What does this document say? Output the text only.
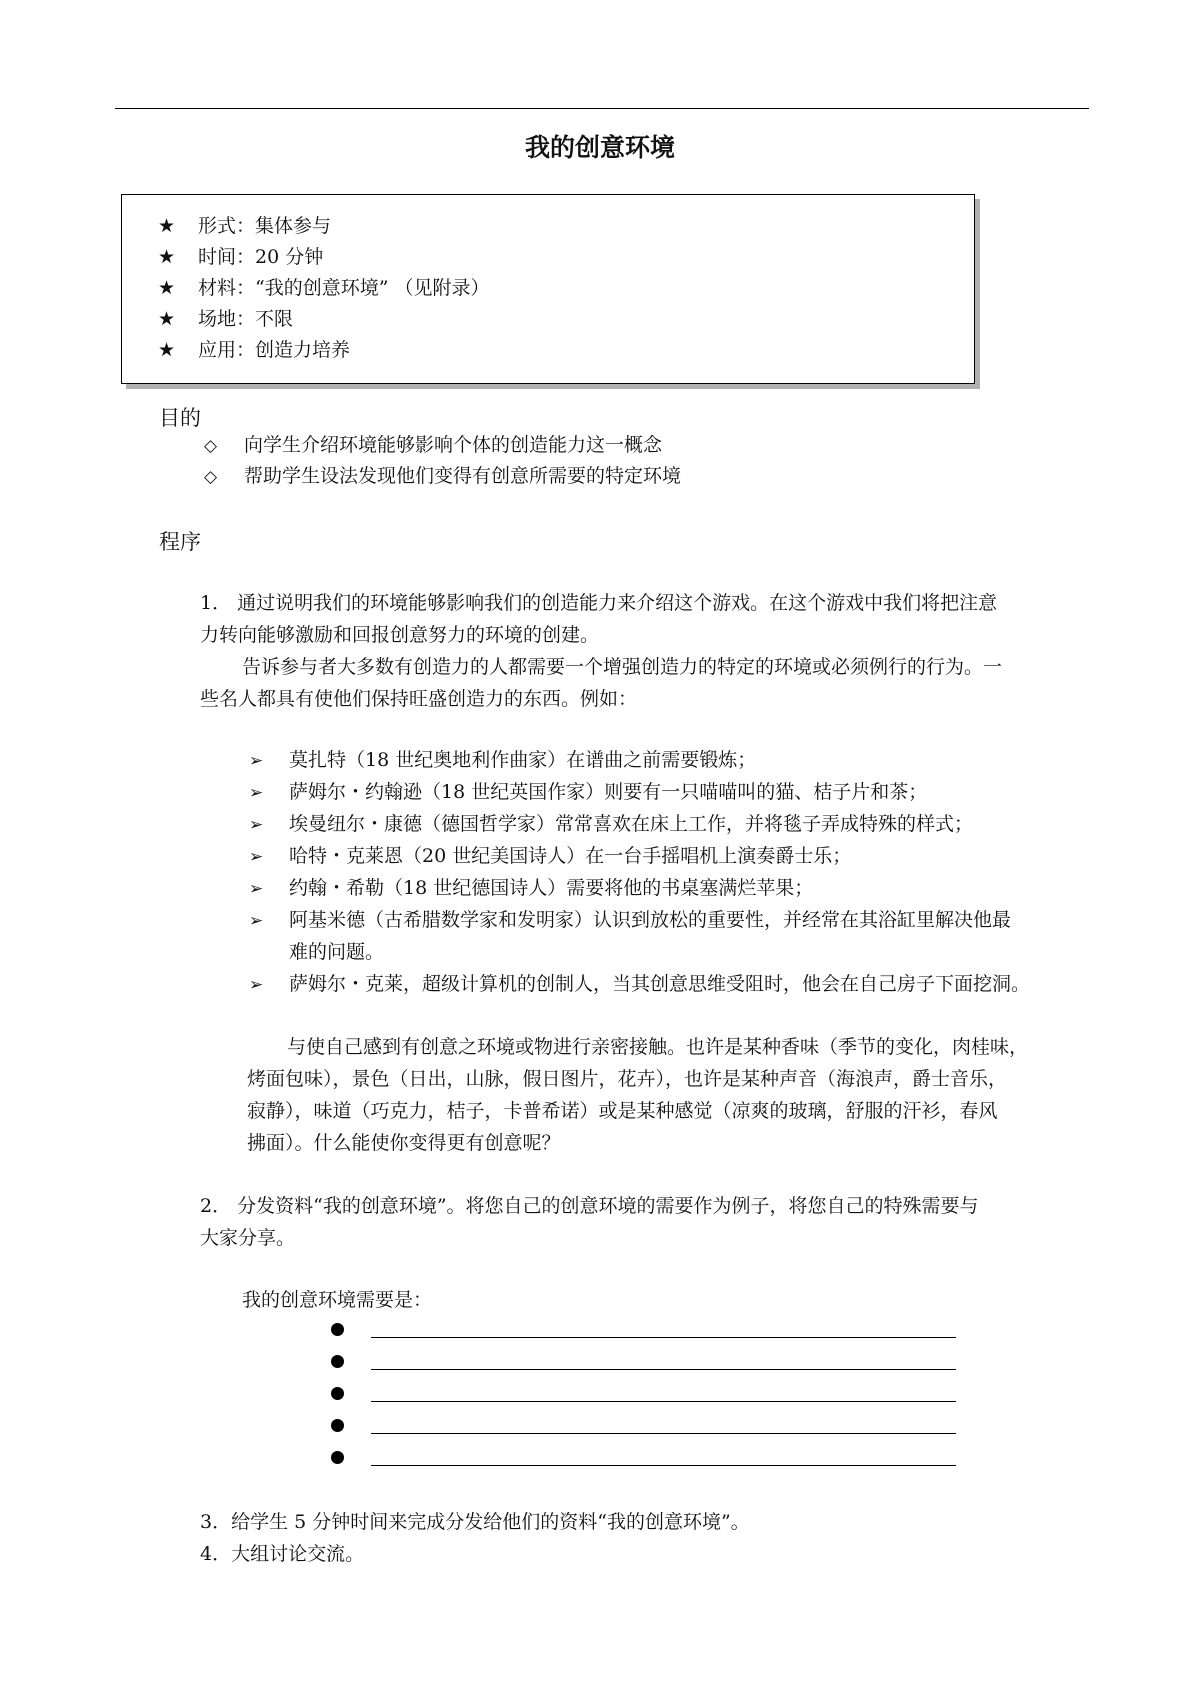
我的创意环境
★ 形式：集体参与
★ 时间：20 分钟
★ 材料：“我的创意环境” （见附录）
★ 场地：不限
★ 应用：创造力培养
目的
◇ 向学生介绍环境能够影响个体的创造能力这一概念
◇ 帮助学生设法发现他们变得有创意所需要的特定环境
程序
1． 通过说明我们的环境能够影响我们的创造能力来介绍这个游戏。在这个游戏中我们将把注意
力转向能够激励和回报创意努力的环境的创建。
告诉参与者大多数有创造力的人都需要一个增强创造力的特定的环境或必须例行的行为。一
些名人都具有使他们保持旺盛创造力的东西。例如：
➢ 莫扎特（18 世纪奥地利作曲家）在谱曲之前需要锻炼；
➢ 萨姆尔・约翰逊（18 世纪英国作家）则要有一只喵喵叫的猫、桔子片和茶；
➢ 埃曼纽尔・康德（德国哲学家）常常喜欢在床上工作，并将毯子弄成特殊的样式；
➢ 哈特・克莱恩（20 世纪美国诗人）在一台手摇唱机上演奏爵士乐；
➢ 约翰・希勒（18 世纪德国诗人）需要将他的书桌塞满烂苹果；
➢ 阿基米德（古希腊数学家和发明家）认识到放松的重要性，并经常在其浴缸里解决他最
难的问题。
➢ 萨姆尔・克莱，超级计算机的创制人，当其创意思维受阻时，他会在自己房子下面挖洞。
与使自己感到有创意之环境或物进行亲密接触。也许是某种香味（季节的变化，肉桂味，
烤面包味），景色（日出，山脉，假日图片，花卉），也许是某种声音（海浪声，爵士音乐，
寂静），味道（巧克力，桔子，卡普希诺）或是某种感觉（凉爽的玻璃，舒服的汗衫，春风
拂面）。什么能使你变得更有创意呢？
2． 分发资料“我的创意环境”。将您自己的创意环境的需要作为例子，将您自己的特殊需要与
大家分享。
我的创意环境需要是：
3．给学生 5 分钟时间来完成分发给他们的资料“我的创意环境”。
4．大组讨论交流。
